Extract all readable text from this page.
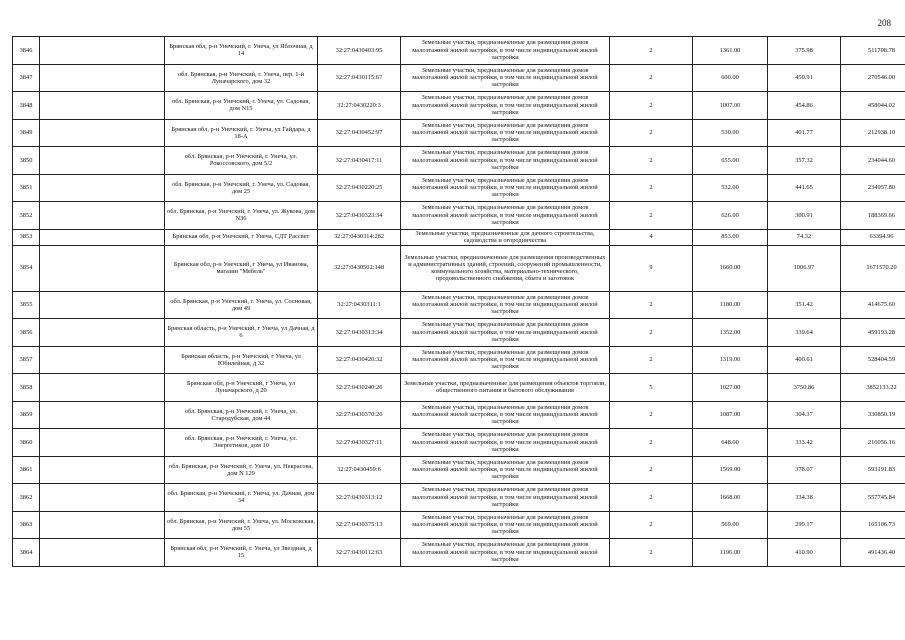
208
3846		Брянская обл, р-н Унечский, г. Унеча, ул Яблочная, д 14	32:27:0430403:95	Земельные участки, предназначенные для размещения домов малоэтажной жилой застройки, в том числе индивидуальной жилой застройки	2	1361.00	375.98	511708.78
3847		обл. Брянская, р-н Унечский, г. Унеча, пер. 1-й Луначарского, дом 32	32:27:0430115:67	Земельные участки, предназначенные для размещения домов малоэтажной жилой застройки, в том числе индивидуальной жилой застройки	2	600.00	450.91	270546.00
3848		обл. Брянская, р-н Унечский, г. Унеча, ул. Садовая, дом N15	32:27:0430220:3	Земельные участки, предназначенные для размещения домов малоэтажной жилой застройки, в том числе индивидуальной жилой застройки	2	1007.00	454.86	458044.02
3849		Брянская обл, р-н Унечский, г. Унеча, ул Гайдара, д 18-А	32:27:0430452:97	Земельные участки, предназначенные для размещения домов малоэтажной жилой застройки, в том числе индивидуальной жилой застройки	2	530.00	401.77	212938.10
3850		обл. Брянская, р-н Унечский, г. Унеча, ул. Рокоссовского, дом 5/2	32:27:0430417:11	Земельные участки, предназначенные для размещения домов малоэтажной жилой застройки, в том числе индивидуальной жилой застройки	2	655.00	357.32	234044.60
3851		обл. Брянская, р-н Унечский, г. Унеча, ул. Садовая, дом 25	32:27:0430220:25	Земельные участки, предназначенные для размещения домов малоэтажной жилой застройки, в том числе индивидуальной жилой застройки	2	532.00	441.65	234957.80
3852		обл. Брянская, р-н Унечский, г. Унеча, ул. Жукова, дом N36	32:27:0430323:34	Земельные участки, предназначенные для размещения домов малоэтажной жилой застройки, в том числе индивидуальной жилой застройки	2	626.00	300.91	188369.66
3853		Брянская обл, р-н Унечский, г Унеча, СДТ Рассвет	32:27:0430314:282	Земельные участки, предназначенные для дачного строительства, садоводства и огородничества	4	853.00	74.32	63394.96
3854		Брянская обл, р-н Унечский, г Унеча, ул Иванова, магазин "Мебель"	32:27:0430502:148	Земельные участки, предназначенные для размещения производственных и административных зданий, строений, сооружений промышленности, коммунального хозяйства, материально-технического, продовольственного снабжения, сбыта и заготовок	9	1660.00	1006.97	1671570.20
3855		обл. Брянская, р-н Унечский, г. Унеча, ул. Сосновая, дом 49	32:27:0430311:1	Земельные участки, предназначенные для размещения домов малоэтажной жилой застройки, в том числе индивидуальной жилой застройки	2	1180.00	351.42	414675.60
3856		Брянская область, р-н Унечский, г Унеча, ул Дачная, д 6	32:27:0430313:34	Земельные участки, предназначенные для размещения домов малоэтажной жилой застройки, в том числе индивидуальной жилой застройки	2	1352.00	339.64	459193.28
3857		Брянская область, р-н Унечский, г Унеча, ул Юбилейная, д 32	32:27:0430420:32	Земельные участки, предназначенные для размещения домов малоэтажной жилой застройки, в том числе индивидуальной жилой застройки	2	1319.00	400.61	528404.59
3858		Брянская обл, р-н Унечский, г Унеча, ул Луначарского, д 20	32:27:0430240:26	Земельные участки, предназначенные для размещения объектов торговли, общественного питания и бытового обслуживания	5	1027.00	3750.86	3852133.22
3859		обл. Брянская, р-н Унечский, г. Унеча, ул. Стародубская, дом 44	32:27:0430370:26	Земельные участки, предназначенные для размещения домов малоэтажной жилой застройки, в том числе индивидуальной жилой застройки	2	1087.00	304.37	330850.19
3860		обл. Брянская, р-н Унечский, г. Унеча, ул. Энергетиков, дом 10	32:27:0430327:11	Земельные участки, предназначенные для размещения домов малоэтажной жилой застройки, в том числе индивидуальной жилой застройки	2	648.00	333.42	216056.16
3861		обл. Брянская, р-н Унечский, г. Унеча, ул. Некрасова, дом N 129	32:27:0430459:6	Земельные участки, предназначенные для размещения домов малоэтажной жилой застройки, в том числе индивидуальной жилой застройки	2	1569.00	378.07	593191.83
3862		обл. Брянская, р-н Унечский, г. Унеча, ул. Дачная, дом 34	32:27:0430313:12	Земельные участки, предназначенные для размещения домов малоэтажной жилой застройки, в том числе индивидуальной жилой застройки	2	1668.00	334.38	557745.84
3863		обл. Брянская, р-н Унечский, г. Унеча, ул. Московская, дом 55	32:27:0430375:13	Земельные участки, предназначенные для размещения домов малоэтажной жилой застройки, в том числе индивидуальной жилой застройки	2	569.00	299.17	165106.73
3864		Брянская обл, р-н Унечский, г. Унеча, ул Звездная, д 15	32:27:0430112:63	Земельные участки, предназначенные для размещения домов малоэтажной жилой застройки, в том числе индивидуальной жилой застройки	2	1196.00	410.90	491436.40
